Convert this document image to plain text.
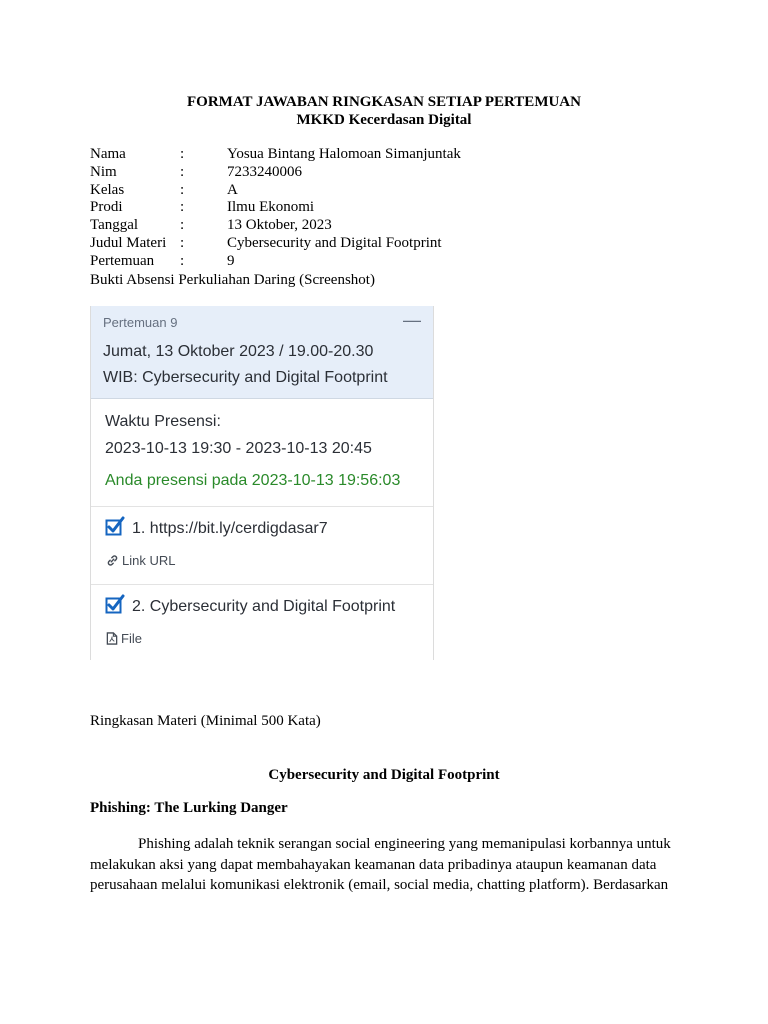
FORMAT JAWABAN RINGKASAN SETIAP PERTEMUAN
MKKD Kecerdasan Digital
Nama	:	Yosua Bintang Halomoan Simanjuntak
Nim	:	7233240006
Kelas	:	A
Prodi	:	Ilmu Ekonomi
Tanggal	:	13 Oktober, 2023
Judul Materi :	Cybersecurity and Digital Footprint
Pertemuan :	9
Bukti Absensi Perkuliahan Daring (Screenshot)
Pertemuan 9	—
Jumat, 13 Oktober 2023 / 19.00-20.30
WIB: Cybersecurity and Digital Footprint
Waktu Presensi:
2023-10-13 19:30 - 2023-10-13 20:45
Anda presensi pada 2023-10-13 19:56:03
1. https://bit.ly/cerdigdasar7
Link URL
2. Cybersecurity and Digital Footprint
File
Ringkasan Materi (Minimal 500 Kata)
Cybersecurity and Digital Footprint
Phishing: The Lurking Danger
Phishing adalah teknik serangan social engineering yang memanipulasi korbannya untuk
melakukan aksi yang dapat membahayakan keamanan data pribadinya ataupun keamanan data
perusahaan melalui komunikasi elektronik (email, social media, chatting platform). Berdasarkan
